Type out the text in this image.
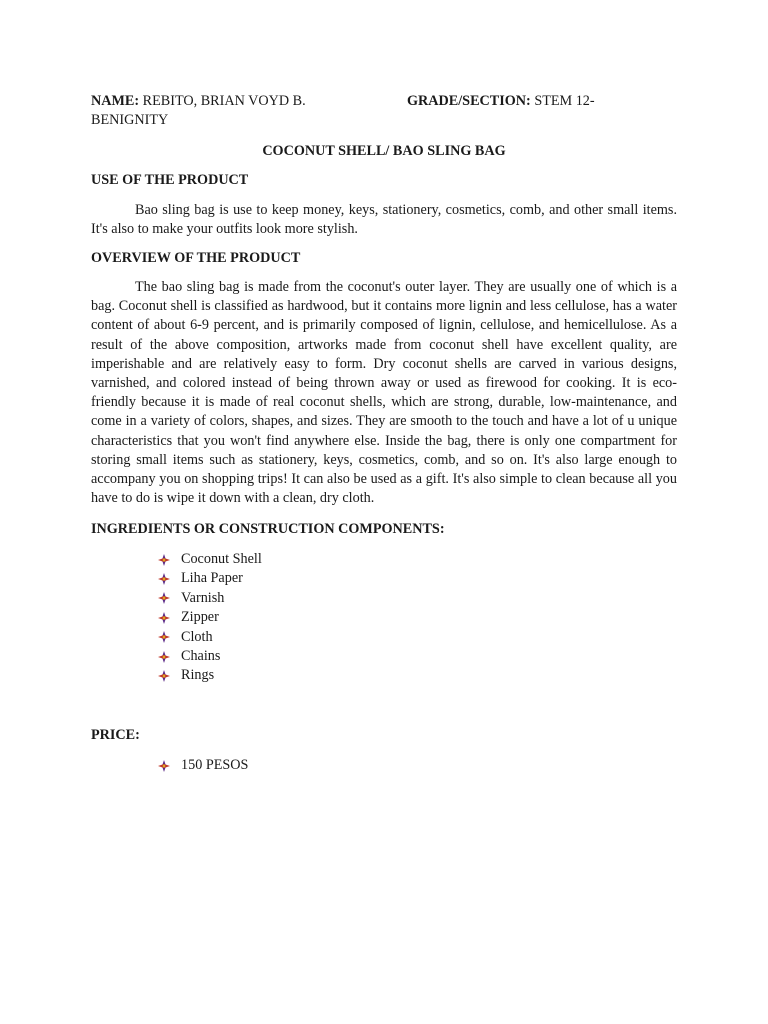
NAME: REBITO, BRIAN VOYD B.	GRADE/SECTION: STEM 12-
BENIGNITY
COCONUT SHELL/ BAO SLING BAG
USE OF THE PRODUCT
Bao sling bag is use to keep money, keys, stationery, cosmetics, comb, and other small items. It's also to make your outfits look more stylish.
OVERVIEW OF THE PRODUCT
The bao sling bag is made from the coconut's outer layer. They are usually one of which is a bag. Coconut shell is classified as hardwood, but it contains more lignin and less cellulose, has a water content of about 6-9 percent, and is primarily composed of lignin, cellulose, and hemicellulose. As a result of the above composition, artworks made from coconut shell have excellent quality, are imperishable and are relatively easy to form. Dry coconut shells are carved in various designs, varnished, and colored instead of being thrown away or used as firewood for cooking. It is eco-friendly because it is made of real coconut shells, which are strong, durable, low-maintenance, and come in a variety of colors, shapes, and sizes. They are smooth to the touch and have a lot of u unique characteristics that you won't find anywhere else. Inside the bag, there is only one compartment for storing small items such as stationery, keys, cosmetics, comb, and so on. It's also large enough to accompany you on shopping trips! It can also be used as a gift. It's also simple to clean because all you have to do is wipe it down with a clean, dry cloth.
INGREDIENTS OR CONSTRUCTION COMPONENTS:
Coconut Shell
Liha Paper
Varnish
Zipper
Cloth
Chains
Rings
PRICE:
150 PESOS
